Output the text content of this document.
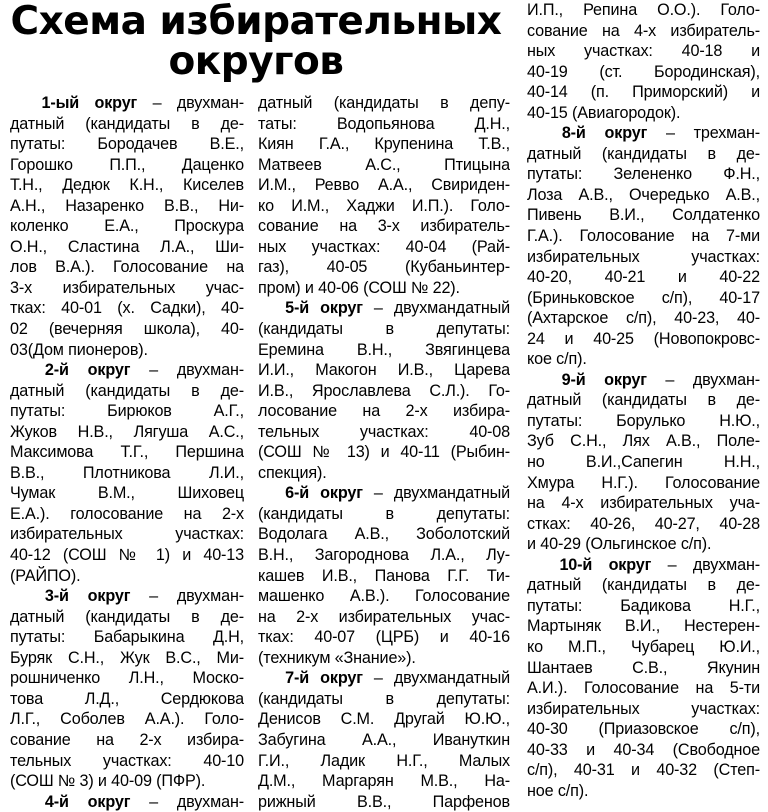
Схема избирательных округов
  1-ый округ – двухман-
датный (кандидаты в де-
путаты: Бородачев В.Е.,
Горошко П.П., Даценко
Т.Н., Дедюк К.Н., Киселев
А.Н., Назаренко В.В., Ни-
коленко Е.А., Проскура
О.Н., Сластина Л.А., Ши-
лов В.А.). Голосование на
3-х избирательных учас-
тках: 40-01 (х. Садки), 40-
02 (вечерняя школа), 40-
03(Дом пионеров).
  2-й округ – двухман-
датный (кандидаты в де-
путаты: Бирюков А.Г.,
Жуков Н.В., Лягуша А.С.,
Максимова Т.Г., Першина
В.В., Плотникова Л.И.,
Чумак В.М., Шиховец
Е.А.). голосование на 2-х
избирательных участках:
40-12 (СОШ № 1) и 40-13
(РАЙПО).
  3-й округ – двухман-
датный (кандидаты в де-
путаты: Бабарыкина Д.Н,
Буряк С.Н., Жук В.С., Ми-
рошниченко Л.Н., Моско-
това Л.Д., Сердюкова
Л.Г., Соболев А.А.). Голо-
сование на 2-х избира-
тельных участках: 40-10
(СОШ № 3) и 40-09 (ПФР).
  4-й округ – двухман-
датный (кандидаты в депу-
таты: Водопьянова Д.Н.,
Киян Г.А., Крупенина Т.В.,
Матвеев А.С., Птицына
И.М., Ревво А.А., Свириден-
ко И.М., Хаджи И.П.). Голо-
сование на 3-х избиратель-
ных участках: 40-04 (Рай-
газ), 40-05 (Кубаньинтер-
пром) и 40-06 (СОШ № 22).
  5-й округ – двухмандатный
(кандидаты в депутаты:
Еремина В.Н., Звягинцева
И.И., Макогон И.В., Царева
И.В., Ярославлева С.Л.). Го-
лосование на 2-х избира-
тельных участках: 40-08
(СОШ № 13) и 40-11 (Рыбин-
спекция).
  6-й округ – двухмандатный
(кандидаты в депутаты:
Водолага А.В., Зоболотский
В.Н., Загороднова Л.А., Лу-
кашев И.В., Панова Г.Г. Ти-
машенко А.В.). Голосование
на 2-х избирательных учас-
тках: 40-07 (ЦРБ) и 40-16
(техникум «Знание»).
  7-й округ – двухмандатный
(кандидаты в депутаты:
Денисов С.М. Другай Ю.Ю.,
Забугина А.А., Ивануткин
Г.И., Ладик Н.Г., Малых
Д.М., Маргарян М.В., На-
рижный В.В., Парфенов
И.П., Репина О.О.). Голо-
сование на 4-х избиратель-
ных участках: 40-18 и
40-19 (ст. Бородинская),
40-14 (п. Приморский) и
40-15 (Авиагородок).
  8-й округ – трехман-
датный (кандидаты в де-
путаты: Зелененко Ф.Н.,
Лоза А.В., Очередько А.В.,
Пивень В.И., Солдатенко
Г.А.). Голосование на 7-ми
избирательных участках:
40-20, 40-21 и 40-22
(Бриньковское с/п), 40-17
(Ахтарское с/п), 40-23, 40-
24 и 40-25 (Новопокровс-
кое с/п).
  9-й округ – двухман-
датный (кандидаты в де-
путаты: Борулько Н.Ю.,
Зуб С.Н., Лях А.В., Поле-
но В.И.,Сапегин Н.Н.,
Хмура Н.Г.). Голосование
на 4-х избирательных уча-
стках: 40-26, 40-27, 40-28
и 40-29 (Ольгинское с/п).
  10-й округ – двухман-
датный (кандидаты в де-
путаты: Бадикова Н.Г.,
Мартыняк В.И., Нестерен-
ко М.П., Чубарец Ю.И.,
Шантаев С.В., Якунин
А.И.). Голосование на 5-ти
избирательных участках:
40-30 (Приазовское с/п),
40-33 и 40-34 (Свободное
с/п), 40-31 и 40-32 (Степ-
ное с/п).
